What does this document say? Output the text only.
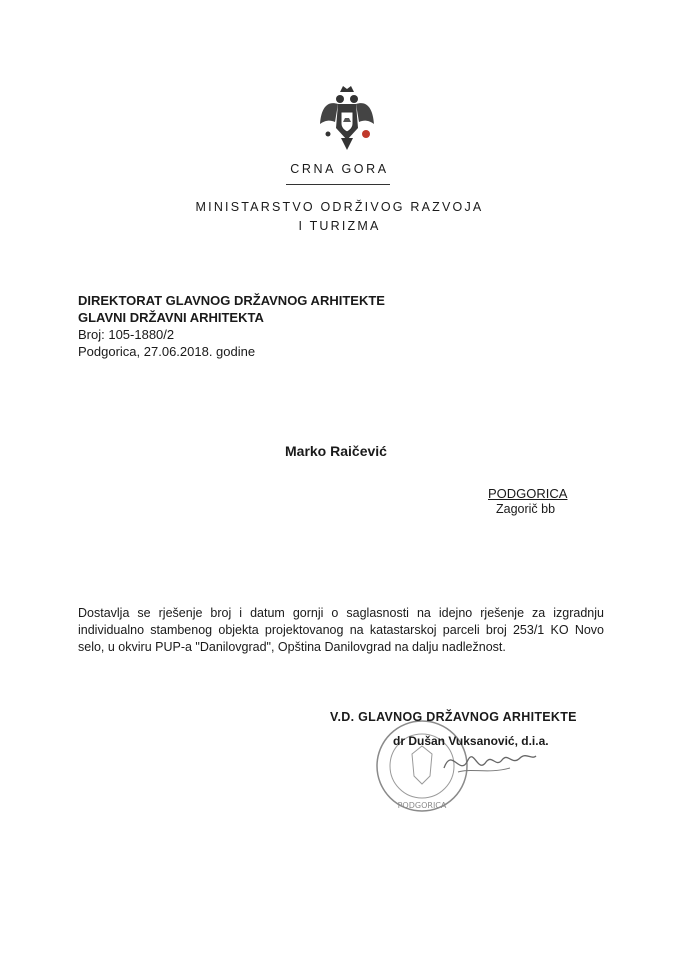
CRNA GORA
MINISTARSTVO ODRŽIVOG RAZVOJA
I TURIZMA
DIREKTORAT GLAVNOG DRŽAVNOG ARHITEKTE
GLAVNI DRŽAVNI ARHITEKTA
Broj: 105-1880/2
Podgorica, 27.06.2018. godine
Marko Raičević
PODGORICA
Zagorič bb
Dostavlja se rješenje broj i datum gornji o saglasnosti na idejno rješenje za izgradnju individualno stambenog objekta projektovanog na katastarskoj parceli broj 253/1 KO Novo selo, u okviru PUP-a "Danilovgrad", Opština Danilovgrad na dalju nadležnost.
PODGORICA
V.D. GLAVNOG DRŽAVNOG ARHITEKTE
dr Dušan Vuksanović, d.i.a.
